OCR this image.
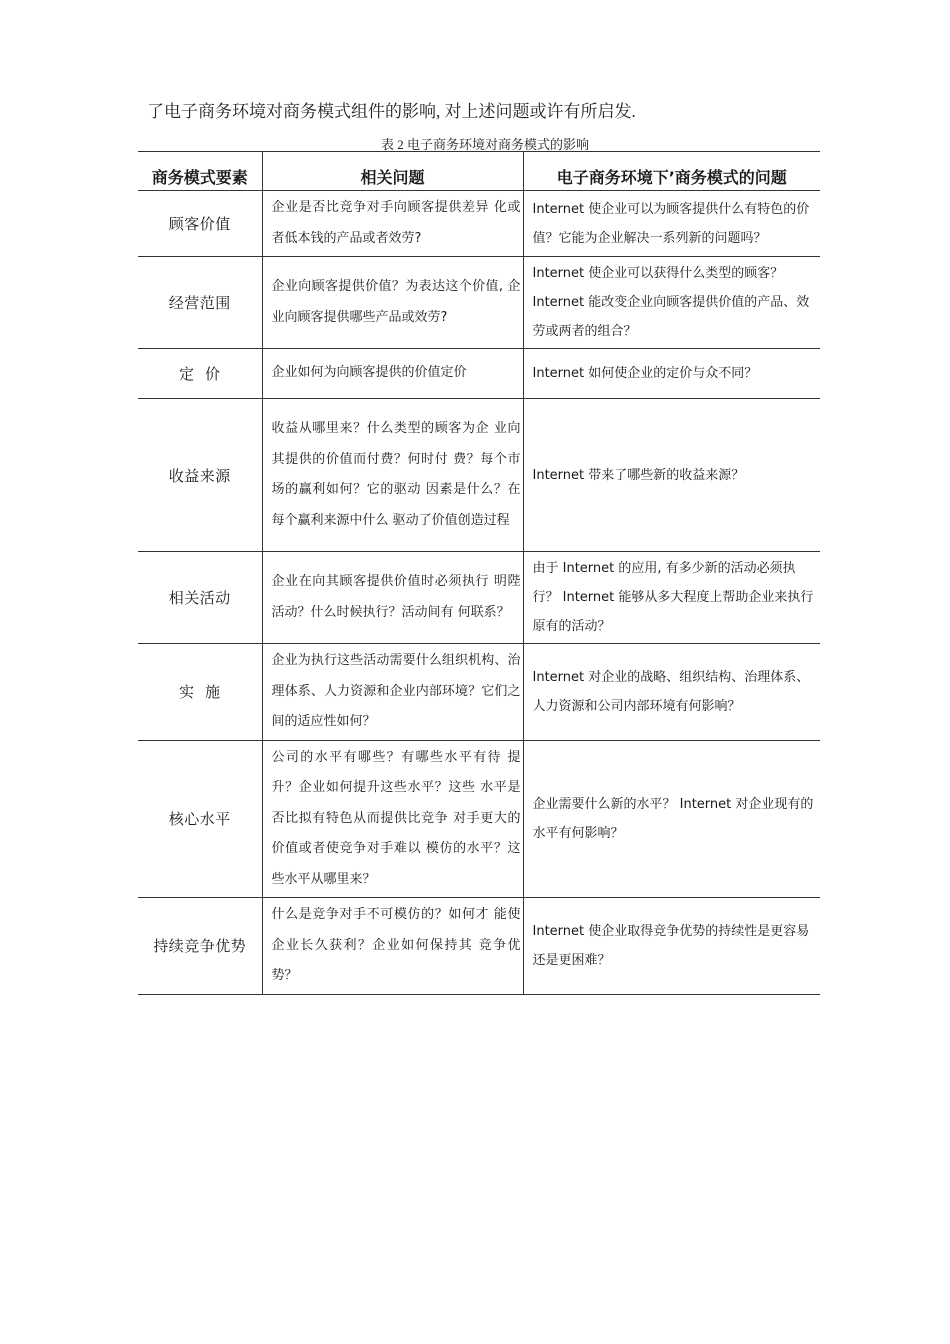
了电子商务环境对商务模式组件的影响, 对上述问题或许有所启发.
表 2 电子商务环境对商务模式的影响
商务模式要素	相关问题	电子商务环境下’商务模式的问题
顾客价值	企业是否比竞争对手向顾客提供差异 化或者低本钱的产品或者效劳?	Internet 使企业可以为顾客提供什么有特色的价值？它能为企业解决一系列新的问题吗？
经营范围	企业向顾客提供价值？为表达这个价值, 企业向顾客提供哪些产品或效劳?	Internet 使企业可以获得什么类型的顾客？ Internet 能改变企业向顾客提供价值的产品、效劳或两者的组合？
定  价	企业如何为向顾客提供的价值定价	Internet 如何使企业的定价与众不同？
收益来源	收益从哪里来？什么类型的顾客为企 业向其提供的价值而付费？何时付 费？每个市场的赢利如何？它的驱动 因素是什么？在每个赢利来源中什么 驱动了价值创造过程	Internet 带来了哪些新的收益来源？
相关活动	企业在向其顾客提供价值时必须执行 明陛活动？什么时候执行？活动间有 何联系？	由于 Internet 的应用, 有多少新的活动必须执行？ Internet 能够从多大程度上帮助企业来执行原有的活动？
实  施	企业为执行这些活动需要什么组织机构、治理体系、人力资源和企业内部环境？它们之间的适应性如何？	Internet 对企业的战略、组织结构、治理体系、人力资源和公司内部环境有何影响？
核心水平	公司的水平有哪些？有哪些水平有待 提升？企业如何提升这些水平？这些 水平是否比拟有特色从而提供比竞争 对手更大的价值或者使竞争对手难以 模仿的水平？这些水平从哪里来？	企业需要什么新的水平？ Internet 对企业现有的水平有何影响？
持续竞争优势	什么是竞争对手不可模仿的？如何才 能使企业长久获利？企业如何保持其 竞争优势？	Internet 使企业取得竞争优势的持续性是更容易还是更困难？
